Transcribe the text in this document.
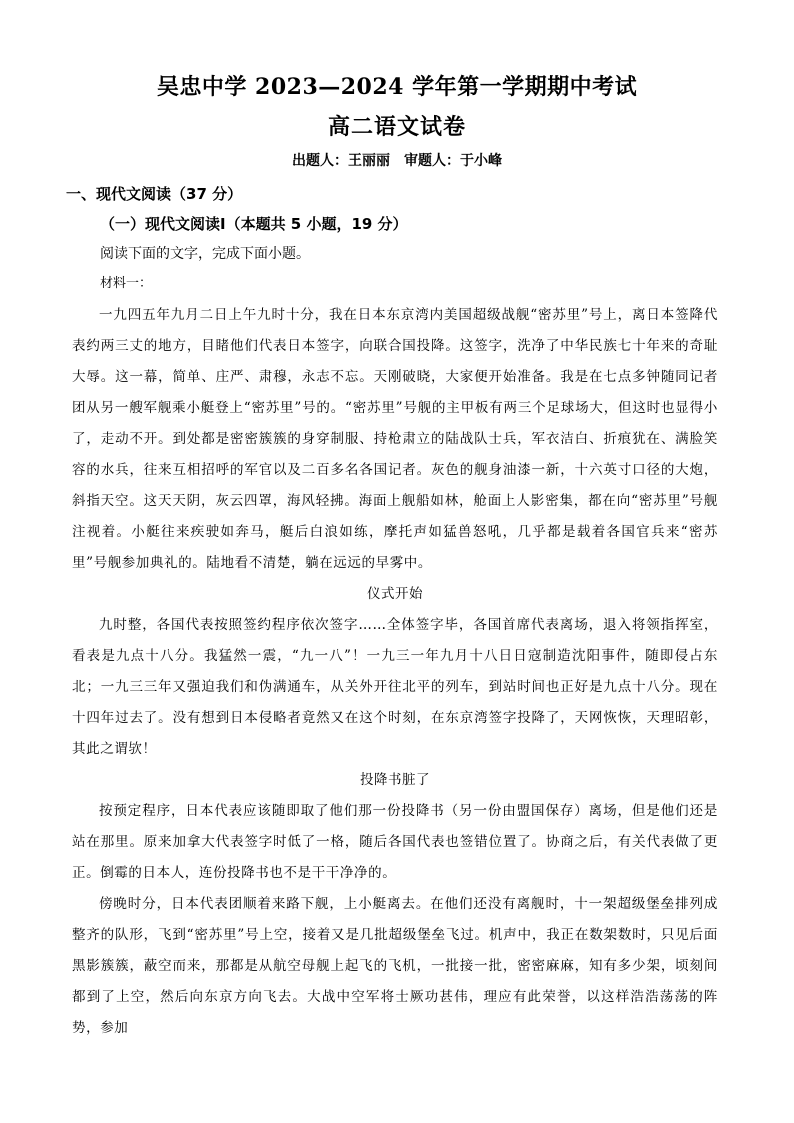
吴忠中学 2023—2024 学年第一学期期中考试
高二语文试卷
出题人：王丽丽 审题人：于小峰
一、现代文阅读（37 分）
（一）现代文阅读Ⅰ（本题共 5 小题，19 分）
阅读下面的文字，完成下面小题。
材料一：

一九四五年九月二日上午九时十分，我在日本东京湾内美国超级战舰“密苏里”号上，离日本签降代表约两三丈的地方，目睹他们代表日本签字，向联合国投降。这签字，洗净了中华民族七十年来的奇耻大辱。这一幕，简单、庄严、肃穆，永志不忘。天刚破晓，大家便开始准备。我是在七点多钟随同记者团从另一艘军舰乘小艇登上“密苏里”号的。“密苏里”号舰的主甲板有两三个足球场大，但这时也显得小了，走动不开。到处都是密密簇簇的身穿制服、持枪肃立的陆战队士兵，军衣洁白、折痕犹在、满脸笑容的水兵，往来互相招呼的军官以及二百多名各国记者。灰色的舰身油漆一新，十六英寸口径的大炮，斜指天空。这天天阴，灰云四罩，海风轻拂。海面上舰船如林，舱面上人影密集，都在向“密苏里”号舰注视着。小艇往来疾驶如奔马，艇后白浪如练，摩托声如猛兽怒吼，几乎都是载着各国官兵来“密苏里”号舰参加典礼的。陆地看不清楚，躺在远远的早雾中。

仪式开始

九时整，各国代表按照签约程序依次签字……全体签字毕，各国首席代表离场，退入将领指挥室，看表是九点十八分。我猛然一震，“九一八”！一九三一年九月十八日日寇制造沈阳事件，随即侵占东北；一九三三年又强迫我们和伪满通车，从关外开往北平的列车，到站时间也正好是九点十八分。现在十四年过去了。没有想到日本侵略者竟然又在这个时刻，在东京湾签字投降了，天网恢恢，天理昭彰，其此之谓欤！

投降书脏了

按预定程序，日本代表应该随即取了他们那一份投降书（另一份由盟国保存）离场，但是他们还是站在那里。原来加拿大代表签字时低了一格，随后各国代表也签错位置了。协商之后，有关代表做了更正。倒霉的日本人，连份投降书也不是干干净净的。

傍晚时分，日本代表团顺着来路下舰，上小艇离去。在他们还没有离舰时，十一架超级堡垒排列成整齐的队形，飞到“密苏里”号上空，接着又是几批超级堡垒飞过。机声中，我正在数架数时，只见后面黑影簇簇，蔽空而来，那都是从航空母舰上起飞的飞机，一批接一批，密密麻麻，知有多少架，顷刻间都到了上空，然后向东京方向飞去。大战中空军将士厥功甚伟，理应有此荣誉，以这样浩浩荡荡的阵势，参加
